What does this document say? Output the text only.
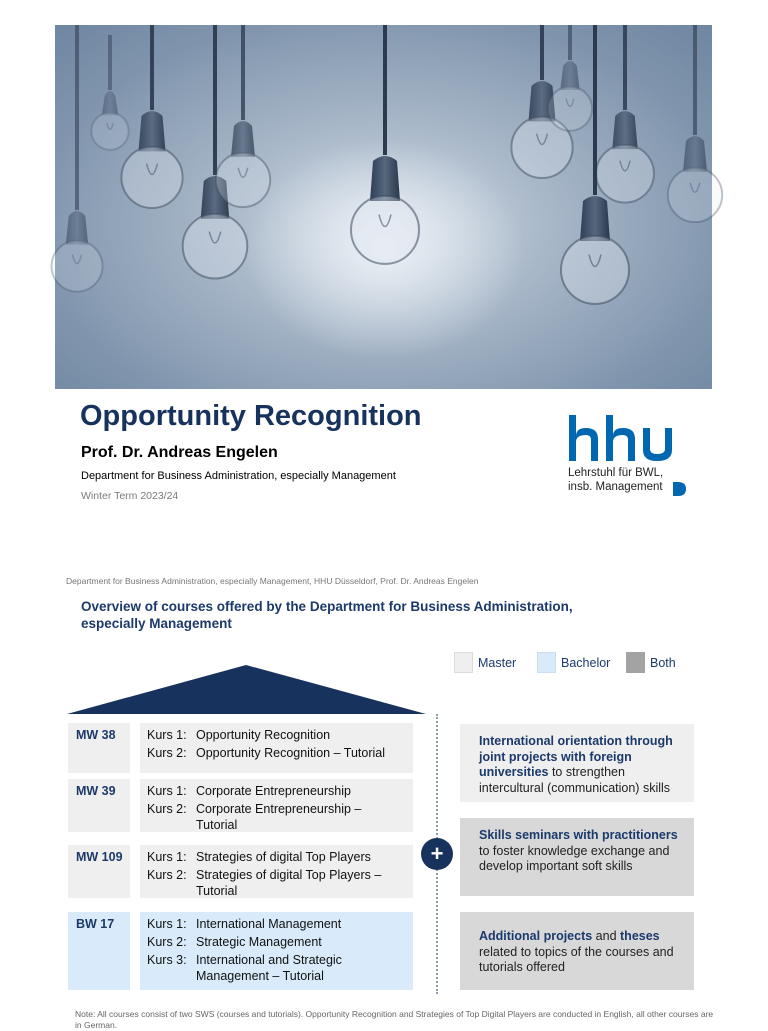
Opportunity Recognition
Prof. Dr. Andreas Engelen
Department for Business Administration, especially Management
Winter Term 2023/24
Lehrstuhl für BWL,
insb. Management
Department for Business Administration, especially Management, HHU Düsseldorf, Prof. Dr. Andreas Engelen
Overview of courses offered by the Department for Business Administration,
especially Management
Master	Bachelor	Both
MW 38	Kurs 1: Opportunity Recognition
Kurs 2: Opportunity Recognition – Tutorial
MW 39	Kurs 1: Corporate Entrepreneurship
Kurs 2: Corporate Entrepreneurship – Tutorial
MW 109	Kurs 1: Strategies of digital Top Players
Kurs 2: Strategies of digital Top Players – Tutorial
BW 17	Kurs 1: International Management
Kurs 2: Strategic Management
Kurs 3: International and Strategic Management – Tutorial
+
International orientation through joint projects with foreign universities to strengthen intercultural (communication) skills
Skills seminars with practitioners to foster knowledge exchange and develop important soft skills
Additional projects and theses related to topics of the courses and tutorials offered
Note: All courses consist of two SWS (courses and tutorials). Opportunity Recognition and Strategies of Top Digital Players are conducted in English, all other courses are in German.
